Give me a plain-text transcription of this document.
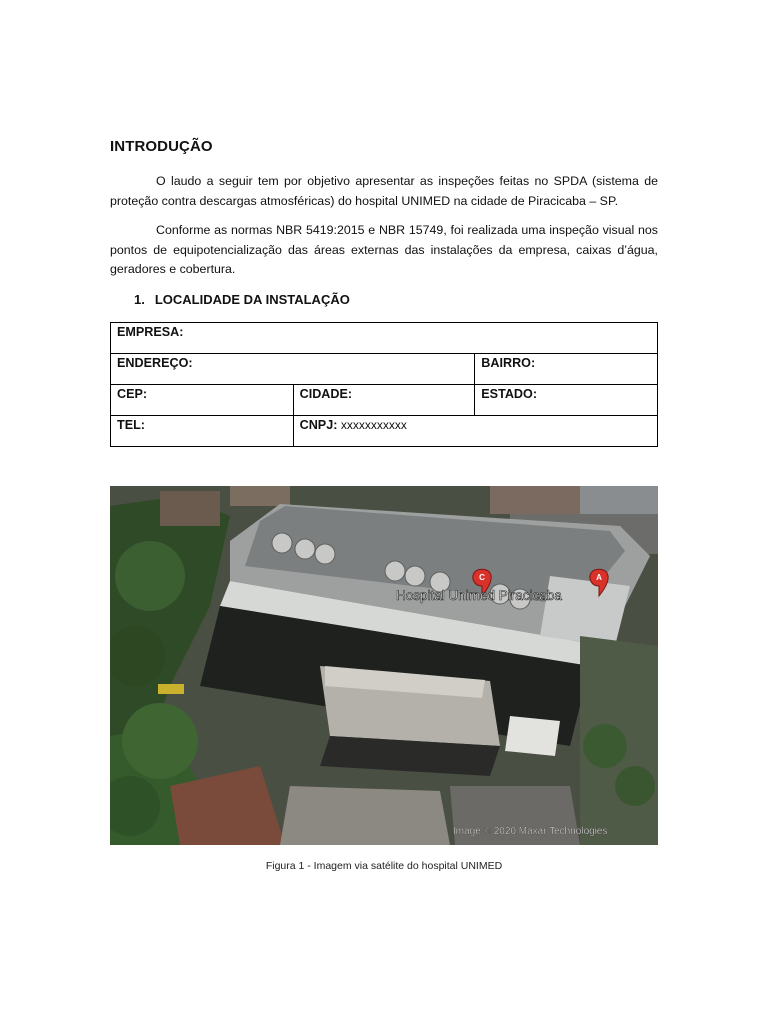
INTRODUÇÃO

O laudo a seguir tem por objetivo apresentar as inspeções feitas no SPDA (sistema de proteção contra descargas atmosféricas) do hospital UNIMED na cidade de Piracicaba – SP.

Conforme as normas NBR 5419:2015 e NBR 15749, foi realizada uma inspeção visual nos pontos de equipotencialização das áreas externas das instalações da empresa, caixas d’água, geradores e cobertura.

1. LOCALIDADE DA INSTALAÇÃO
EMPRESA:		
ENDEREÇO:		BAIRRO:
CEP:	CIDADE:	ESTADO:
TEL:	CNPJ: xxxxxxxxxxx	
C	A
Hospital Unimed Piracicaba
Image © 2020 Maxar Technologies
Figura 1 - Imagem via satélite do hospital UNIMED
